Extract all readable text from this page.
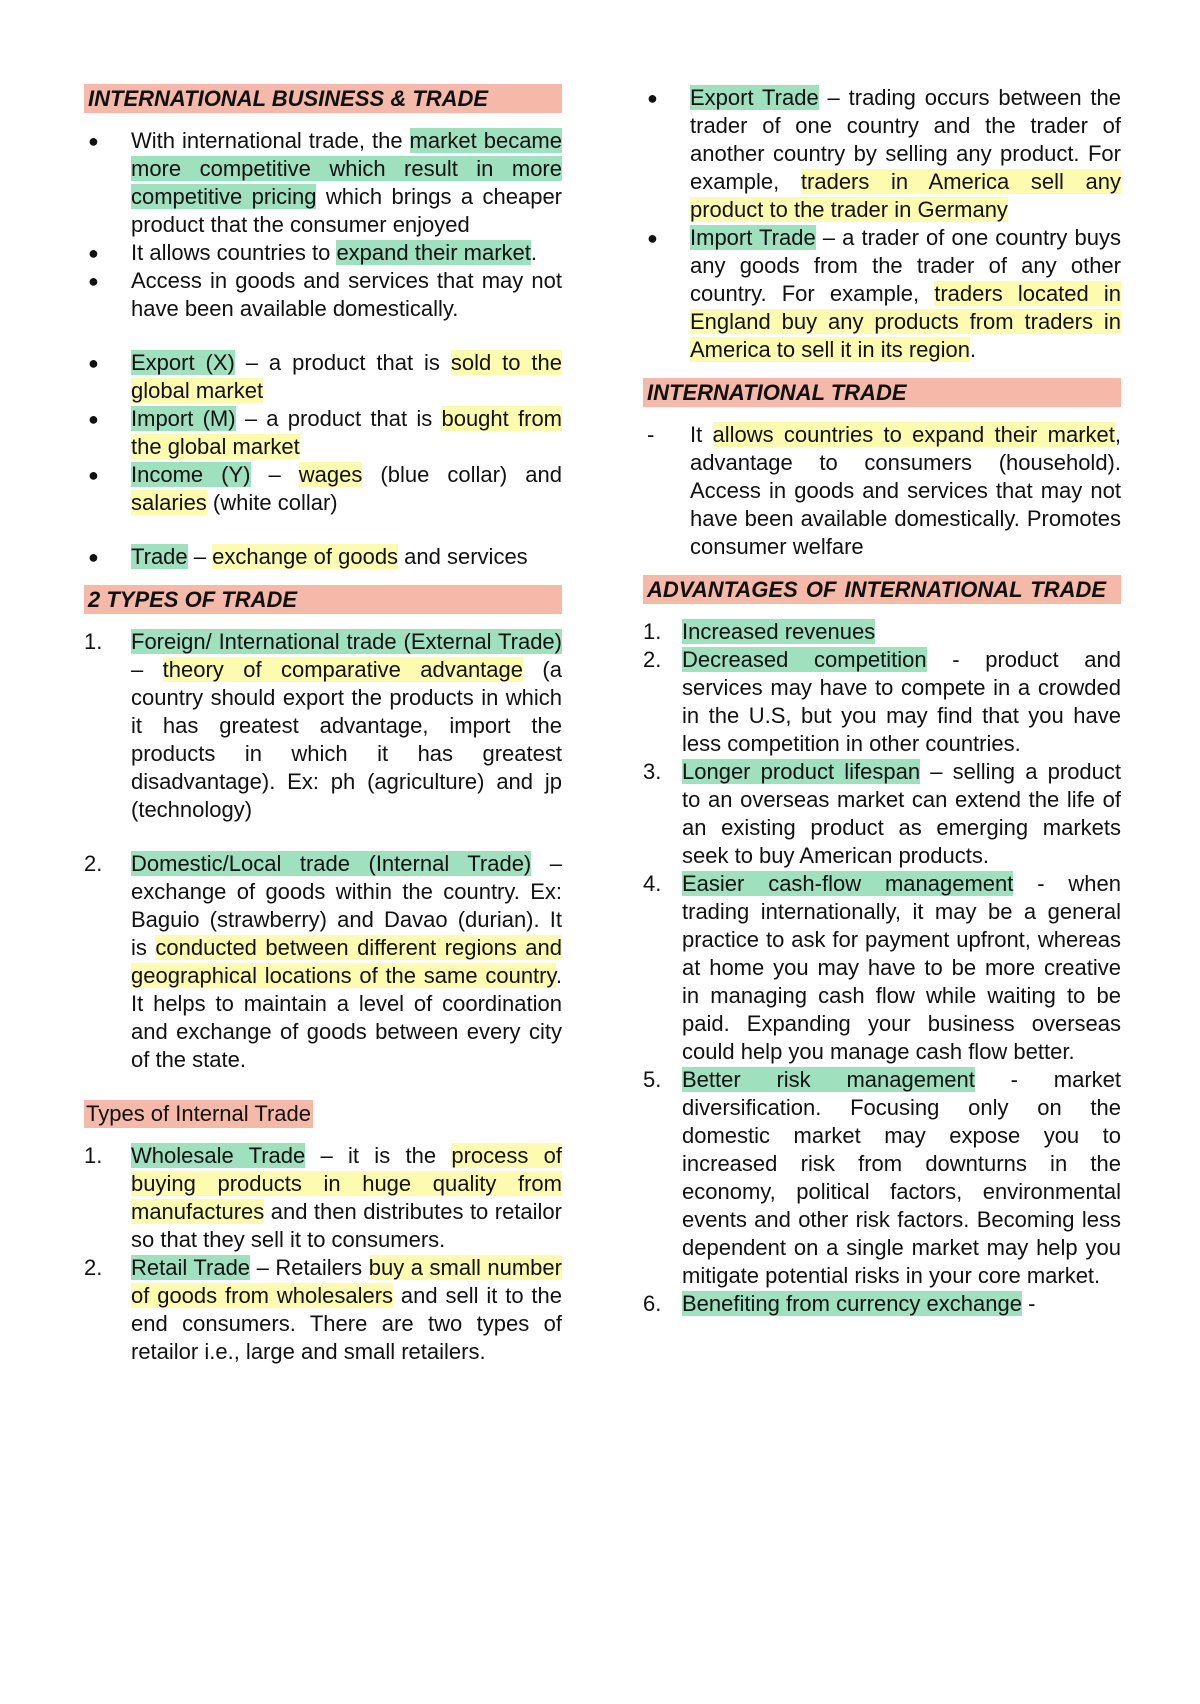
INTERNATIONAL BUSINESS & TRADE
● With international trade, the market became more competitive which result in more competitive pricing which brings a cheaper product that the consumer enjoyed
● It allows countries to expand their market.
● Access in goods and services that may not have been available domestically.
● Export (X) – a product that is sold to the global market
● Import (M) – a product that is bought from the global market
● Income (Y) – wages (blue collar) and salaries (white collar)
● Trade – exchange of goods and services
2 TYPES OF TRADE
1. Foreign/ International trade (External Trade) – theory of comparative advantage (a country should export the products in which it has greatest advantage, import the products in which it has greatest disadvantage). Ex: ph (agriculture) and jp (technology)
2. Domestic/Local trade (Internal Trade) – exchange of goods within the country. Ex: Baguio (strawberry) and Davao (durian). It is conducted between different regions and geographical locations of the same country. It helps to maintain a level of coordination and exchange of goods between every city of the state.
Types of Internal Trade
1. Wholesale Trade – it is the process of buying products in huge quality from manufactures and then distributes to retailor so that they sell it to consumers.
2. Retail Trade – Retailers buy a small number of goods from wholesalers and sell it to the end consumers. There are two types of retailor i.e., large and small retailers.
● Export Trade – trading occurs between the trader of one country and the trader of another country by selling any product. For example, traders in America sell any product to the trader in Germany
● Import Trade – a trader of one country buys any goods from the trader of any other country. For example, traders located in England buy any products from traders in America to sell it in its region.
INTERNATIONAL TRADE
- It allows countries to expand their market, advantage to consumers (household). Access in goods and services that may not have been available domestically. Promotes consumer welfare
ADVANTAGES OF INTERNATIONAL TRADE
1. Increased revenues
2. Decreased competition - product and services may have to compete in a crowded in the U.S, but you may find that you have less competition in other countries.
3. Longer product lifespan – selling a product to an overseas market can extend the life of an existing product as emerging markets seek to buy American products.
4. Easier cash-flow management - when trading internationally, it may be a general practice to ask for payment upfront, whereas at home you may have to be more creative in managing cash flow while waiting to be paid. Expanding your business overseas could help you manage cash flow better.
5. Better risk management - market diversification. Focusing only on the domestic market may expose you to increased risk from downturns in the economy, political factors, environmental events and other risk factors. Becoming less dependent on a single market may help you mitigate potential risks in your core market.
6. Benefiting from currency exchange -
